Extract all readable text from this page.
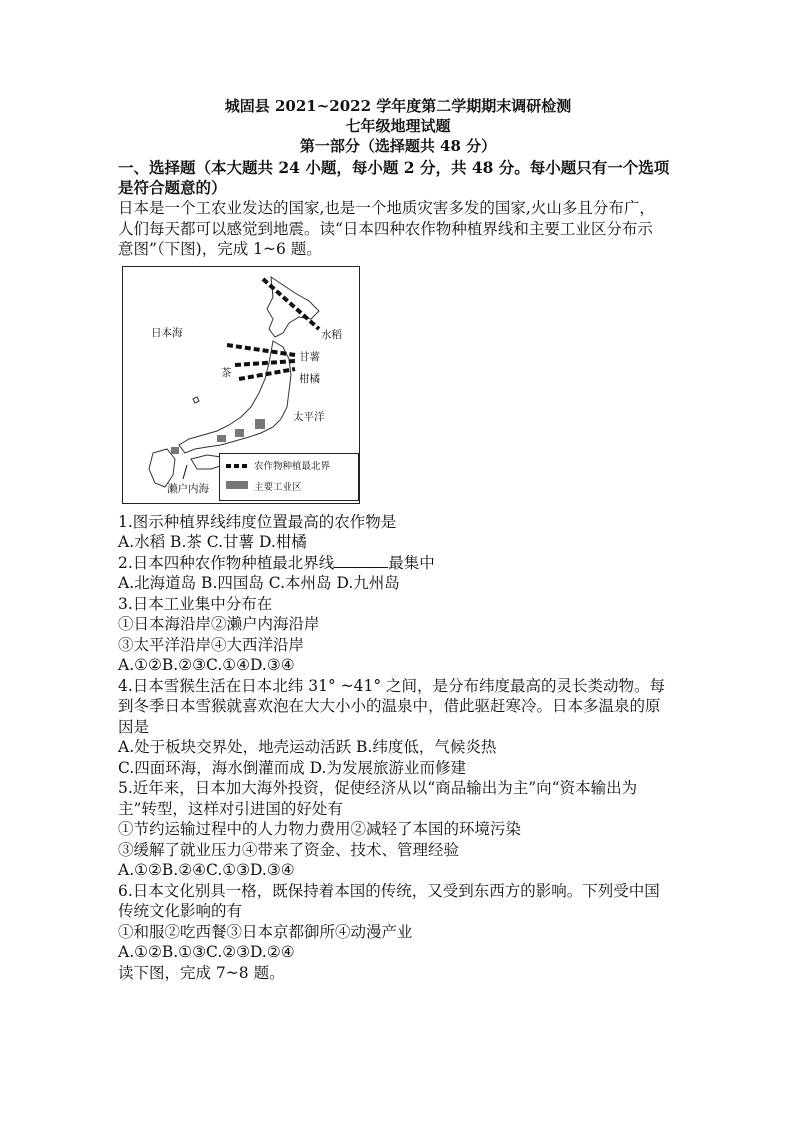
城固县 2021~2022 学年度第二学期期末调研检测
七年级地理试题
第一部分（选择题共 48 分）
一、选择题（本大题共 24 小题，每小题 2 分，共 48 分。每小题只有一个选项
是符合题意的）

日本是一个工农业发达的国家,也是一个地质灾害多发的国家,火山多且分布广，

人们每天都可以感觉到地震。读“日本四种农作物种植界线和主要工业区分布示

意图”（下图)，完成 1~6 题。

日本海	水稻
甘薯
茶	柑橘
太平洋
濑户内海
农作物种植最北界
主要工业区

1.图示种植界线纬度位置最高的农作物是

A.水稻 B.茶 C.甘薯 D.柑橘

2.日本四种农作物种植最北界线	最集中

A.北海道岛 B.四国岛 C.本州岛 D.九州岛

3.日本工业集中分布在

①日本海沿岸②濑户内海沿岸

③太平洋沿岸④大西洋沿岸

A.①②B.②③C.①④D.③④

4.日本雪猴生活在日本北纬 31° ~41° 之间，是分布纬度最高的灵长类动物。每

到冬季日本雪猴就喜欢泡在大大小小的温泉中，借此驱赶寒冷。日本多温泉的原

因是

A.处于板块交界处，地壳运动活跃 B.纬度低，气候炎热

C.四面环海，海水倒灌而成 D.为发展旅游业而修建

5.近年来，日本加大海外投资，促使经济从以“商品输出为主”向“资本输出为

主”转型，这样对引进国的好处有

①节约运输过程中的人力物力费用②减轻了本国的环境污染

③缓解了就业压力④带来了资金、技术、管理经验

A.①②B.②④C.①③D.③④

6.日本文化别具一格，既保持着本国的传统，又受到东西方的影响。下列受中国

传统文化影响的有

①和服②吃西餐③日本京都御所④动漫产业

A.①②B.①③C.②③D.②④

读下图，完成 7~8 题。
